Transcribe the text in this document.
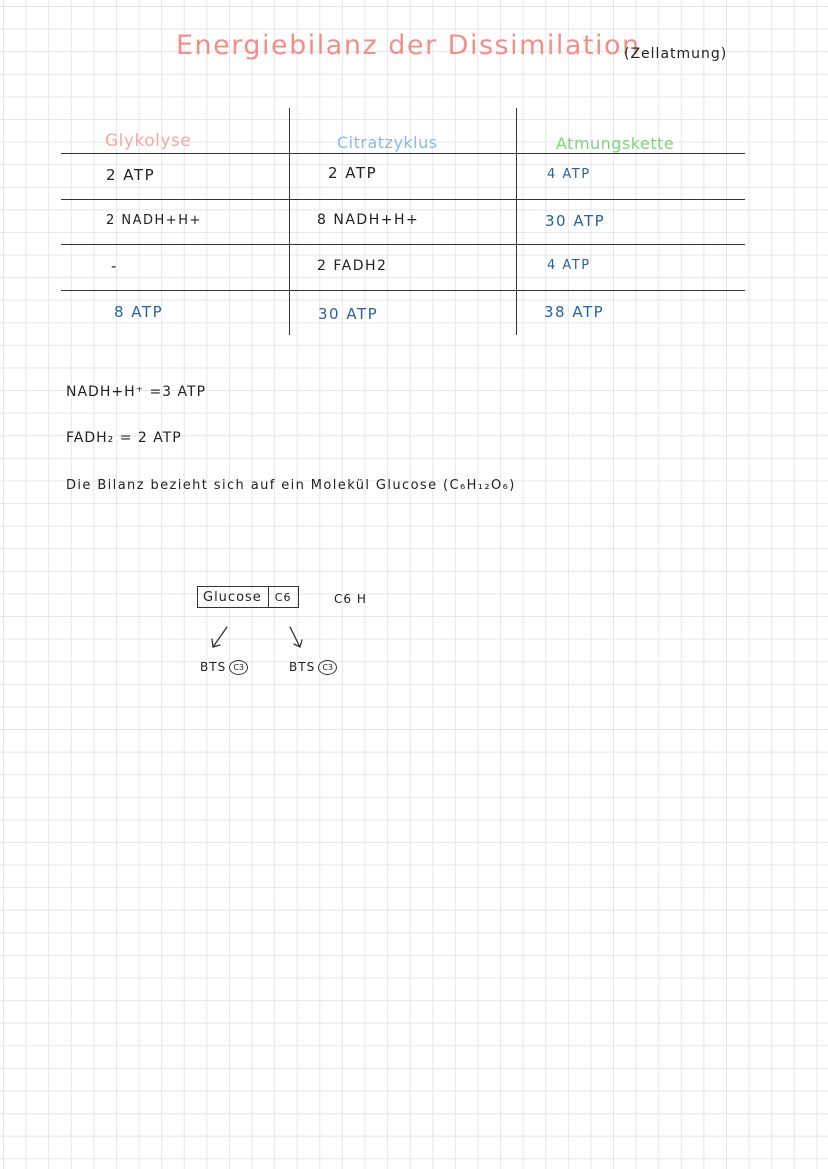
Energiebilanz der Dissimilation
(Zellatmung)
Glykolyse	Citratzyklus	Atmungskette
2 ATP	2 ATP	4 ATP
2 NADH+H+	8 NADH+H+	30 ATP
-	2 FADH2	4 ATP
8 ATP	30 ATP	38 ATP
NADH+H⁺ =3 ATP
FADH₂ = 2 ATP
Die Bilanz bezieht sich auf ein Molekül Glucose (C₆H₁₂O₆)
Glucose C6	C6 H
BTS C3	BTS C3
